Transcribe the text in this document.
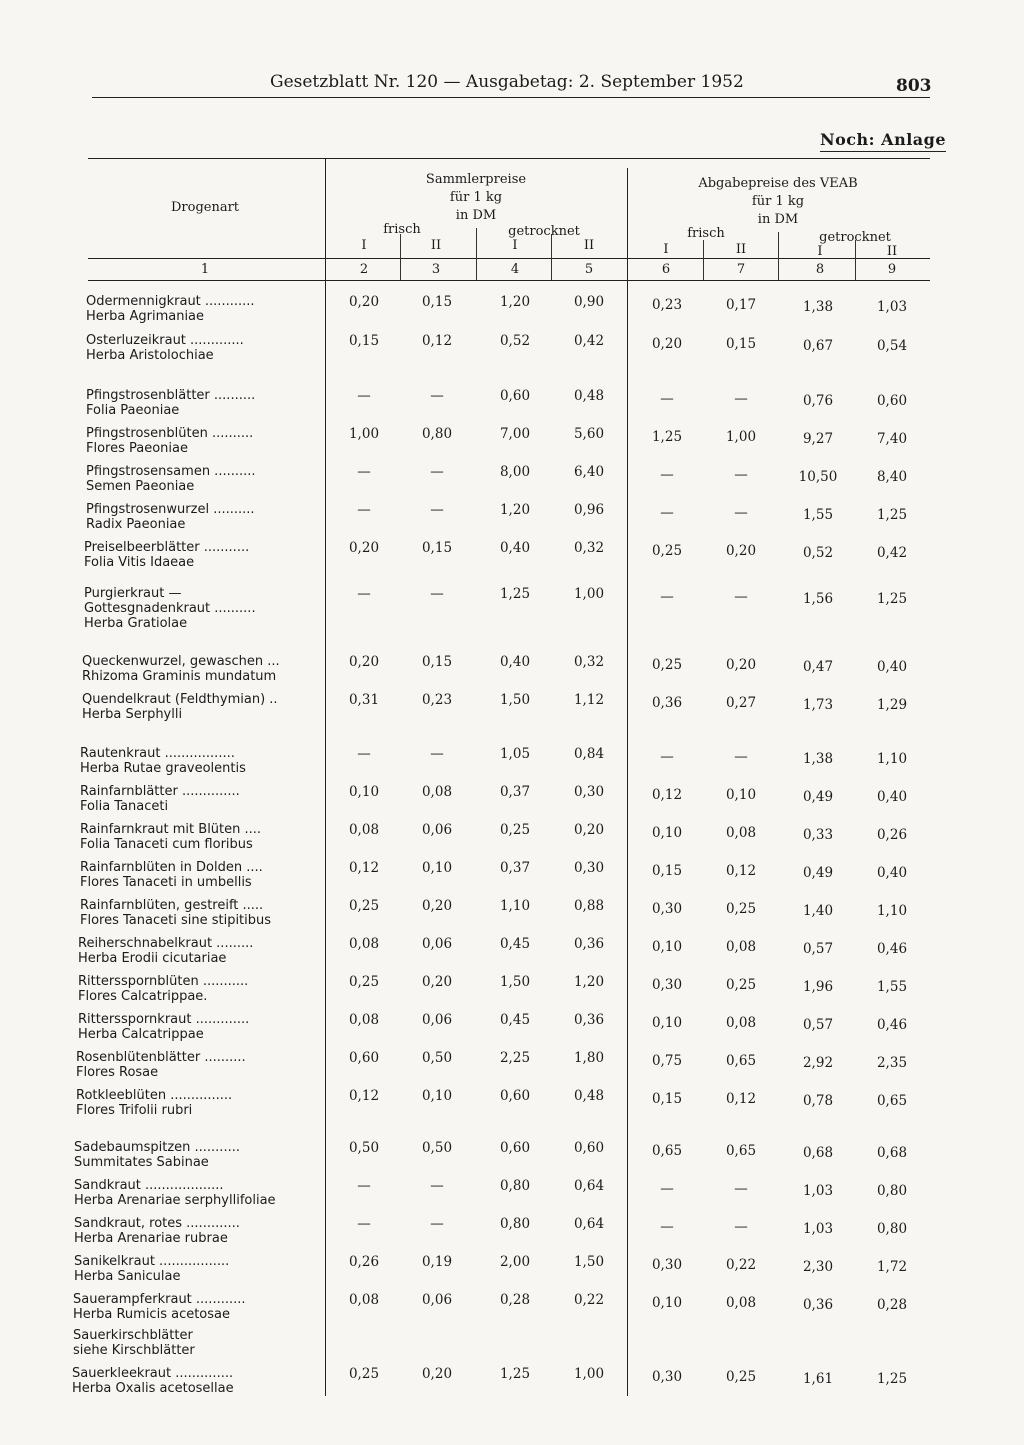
Gesetzblatt Nr. 120 — Ausgabetag: 2. September 1952	803
Noch: Anlage
Drogenart
Sammlerpreise
für 1 kg
in DM
frisch	getrocknet
Abgabepreise des VEAB
für 1 kg
in DM
frisch	getrocknet
I	II	I	II	I	II	I	II
1	2	3	4	5	6	7	8	9
Odermennigkraut ............
Herba Agrimaniae
0,20	0,15	1,20	0,90	0,23	0,17	1,38	1,03
Osterluzeikraut .............
Herba Aristolochiae
0,15	0,12	0,52	0,42	0,20	0,15	0,67	0,54
Pfingstrosenblätter ..........
Folia Paeoniae
—	—	0,60	0,48	—	—	0,76	0,60
Pfingstrosenblüten ..........
Flores Paeoniae
1,00	0,80	7,00	5,60	1,25	1,00	9,27	7,40
Pfingstrosensamen ..........
Semen Paeoniae
—	—	8,00	6,40	—	—	10,50	8,40
Pfingstrosenwurzel ..........
Radix Paeoniae
—	—	1,20	0,96	—	—	1,55	1,25
Preiselbeerblätter ...........
Folia Vitis Idaeae
0,20	0,15	0,40	0,32	0,25	0,20	0,52	0,42
Purgierkraut —
Gottesgnadenkraut ..........
Herba Gratiolae
—	—	1,25	1,00	—	—	1,56	1,25
Queckenwurzel, gewaschen ...
Rhizoma Graminis mundatum
0,20	0,15	0,40	0,32	0,25	0,20	0,47	0,40
Quendelkraut (Feldthymian) ..
Herba Serphylli
0,31	0,23	1,50	1,12	0,36	0,27	1,73	1,29
Rautenkraut .................
Herba Rutae graveolentis
—	—	1,05	0,84	—	—	1,38	1,10
Rainfarnblätter ..............
Folia Tanaceti
0,10	0,08	0,37	0,30	0,12	0,10	0,49	0,40
Rainfarnkraut mit Blüten ....
Folia Tanaceti cum floribus
0,08	0,06	0,25	0,20	0,10	0,08	0,33	0,26
Rainfarnblüten in Dolden ....
Flores Tanaceti in umbellis
0,12	0,10	0,37	0,30	0,15	0,12	0,49	0,40
Rainfarnblüten, gestreift .....
Flores Tanaceti sine stipitibus
0,25	0,20	1,10	0,88	0,30	0,25	1,40	1,10
Reiherschnabelkraut .........
Herba Erodii cicutariae
0,08	0,06	0,45	0,36	0,10	0,08	0,57	0,46
Rittersspornblüten ...........
Flores Calcatrippae.
0,25	0,20	1,50	1,20	0,30	0,25	1,96	1,55
Rittersspornkraut .............
Herba Calcatrippae
0,08	0,06	0,45	0,36	0,10	0,08	0,57	0,46
Rosenblütenblätter ..........
Flores Rosae
0,60	0,50	2,25	1,80	0,75	0,65	2,92	2,35
Rotkleeblüten ...............
Flores Trifolii rubri
0,12	0,10	0,60	0,48	0,15	0,12	0,78	0,65
Sadebaumspitzen ...........
Summitates Sabinae
0,50	0,50	0,60	0,60	0,65	0,65	0,68	0,68
Sandkraut ...................
Herba Arenariae serphyllifoliae
—	—	0,80	0,64	—	—	1,03	0,80
Sandkraut, rotes .............
Herba Arenariae rubrae
—	—	0,80	0,64	—	—	1,03	0,80
Sanikelkraut .................
Herba Saniculae
0,26	0,19	2,00	1,50	0,30	0,22	2,30	1,72
Sauerampferkraut ............
Herba Rumicis acetosae
0,08	0,06	0,28	0,22	0,10	0,08	0,36	0,28
Sauerkirschblätter
siehe Kirschblätter
Sauerkleekraut ..............
Herba Oxalis acetosellae
0,25	0,20	1,25	1,00	0,30	0,25	1,61	1,25
